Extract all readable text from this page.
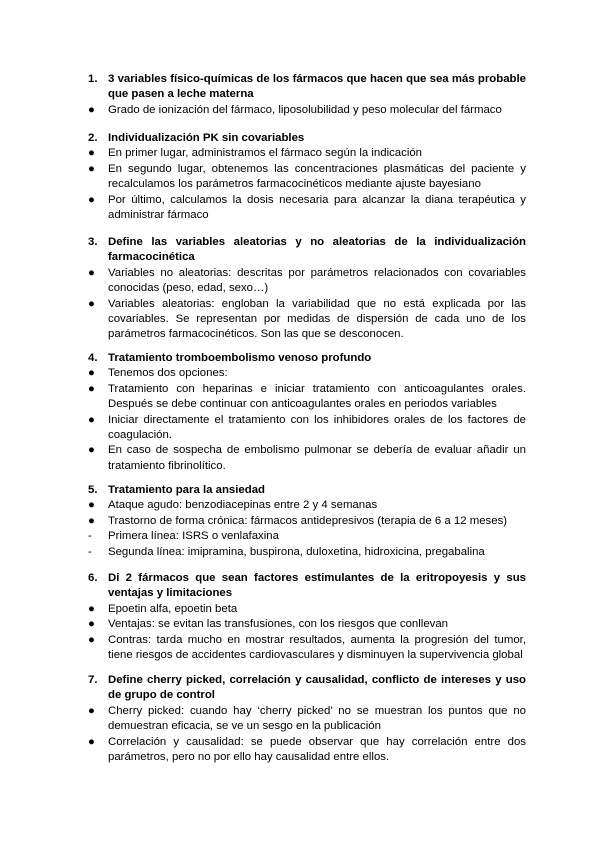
1. 3 variables físico-químicas de los fármacos que hacen que sea más probable que pasen a leche materna
●	Grado de ionización del fármaco, liposolubilidad y peso molecular del fármaco
2. Individualización PK sin covariables
●	En primer lugar, administramos el fármaco según la indicación
●	En segundo lugar, obtenemos las concentraciones plasmáticas del paciente y recalculamos los parámetros farmacocinéticos mediante ajuste bayesiano
●	Por último, calculamos la dosis necesaria para alcanzar la diana terapéutica y administrar fármaco
3. Define las variables aleatorias y no aleatorias de la individualización farmacocinética
●	Variables no aleatorias: descritas por parámetros relacionados con covariables conocidas (peso, edad, sexo…)
●	Variables aleatorias: engloban la variabilidad que no está explicada por las covariables. Se representan por medidas de dispersión de cada uno de los parámetros farmacocinéticos. Son las que se desconocen.
4. Tratamiento tromboembolismo venoso profundo
●	Tenemos dos opciones:
●	Tratamiento con heparinas e iniciar tratamiento con anticoagulantes orales. Después se debe continuar con anticoagulantes orales en periodos variables
●	Iniciar directamente el tratamiento con los inhibidores orales de los factores de coagulación.
●	En caso de sospecha de embolismo pulmonar se debería de evaluar añadir un tratamiento fibrinolítico.
5. Tratamiento para la ansiedad
●	Ataque agudo: benzodiacepinas entre 2 y 4 semanas
●	Trastorno de forma crónica: fármacos antidepresivos (terapia de 6 a 12 meses)
-	Primera línea: ISRS o venlafaxina
-	Segunda línea: imipramina, buspirona, duloxetina, hidroxicina, pregabalina
6. Di 2 fármacos que sean factores estimulantes de la eritropoyesis y sus ventajas y limitaciones
●	Epoetin alfa, epoetin beta
●	Ventajas: se evitan las transfusiones, con los riesgos que conllevan
●	Contras: tarda mucho en mostrar resultados, aumenta la progresión del tumor, tiene riesgos de accidentes cardiovasculares y disminuyen la supervivencia global
7. Define cherry picked, correlación y causalidad, conflicto de intereses y uso de grupo de control
●	Cherry picked: cuando hay ‘cherry picked’ no se muestran los puntos que no demuestran eficacia, se ve un sesgo en la publicación
●	Correlación y causalidad: se puede observar que hay correlación entre dos parámetros, pero no por ello hay causalidad entre ellos.
